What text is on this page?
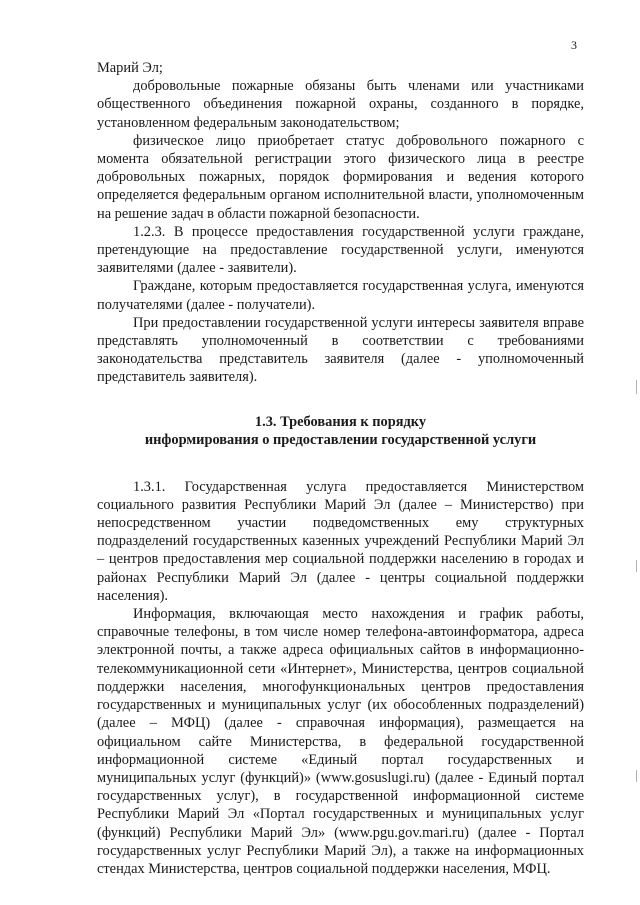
3

Марий Эл;

добровольные пожарные обязаны быть членами или участниками общественного объединения пожарной охраны, созданного в порядке, установленном федеральным законодательством;

физическое лицо приобретает статус добровольного пожарного с момента обязательной регистрации этого физического лица в реестре добровольных пожарных, порядок формирования и ведения которого определяется федеральным органом исполнительной власти, уполномоченным на решение задач в области пожарной безопасности.

1.2.3. В процессе предоставления государственной услуги граждане, претендующие на предоставление государственной услуги, именуются заявителями (далее - заявители).

Граждане, которым предоставляется государственная услуга, именуются получателями (далее - получатели).

При предоставлении государственной услуги интересы заявителя вправе представлять уполномоченный в соответствии с требованиями законодательства представитель заявителя (далее - уполномоченный представитель заявителя).

1.3. Требования к порядку
информирования о предоставлении государственной услуги

1.3.1. Государственная услуга предоставляется Министерством социального развития Республики Марий Эл (далее – Министерство) при непосредственном участии подведомственных ему структурных подразделений государственных казенных учреждений Республики Марий Эл – центров предоставления мер социальной поддержки населению в городах и районах Республики Марий Эл (далее - центры социальной поддержки населения).

Информация, включающая место нахождения и график работы, справочные телефоны, в том числе номер телефона-автоинформатора, адреса электронной почты, а также адреса официальных сайтов в информационно-телекоммуникационной сети «Интернет», Министерства, центров социальной поддержки населения, многофункциональных центров предоставления государственных и муниципальных услуг (их обособленных подразделений) (далее – МФЦ) (далее - справочная информация), размещается на официальном сайте Министерства, в федеральной государственной информационной системе «Единый портал государственных и муниципальных услуг (функций)» (www.gosuslugi.ru) (далее - Единый портал государственных услуг), в государственной информационной системе Республики Марий Эл «Портал государственных и муниципальных услуг (функций) Республики Марий Эл» (www.pgu.gov.mari.ru) (далее - Портал государственных услуг Республики Марий Эл), а также на информационных стендах Министерства, центров социальной поддержки населения, МФЦ.
